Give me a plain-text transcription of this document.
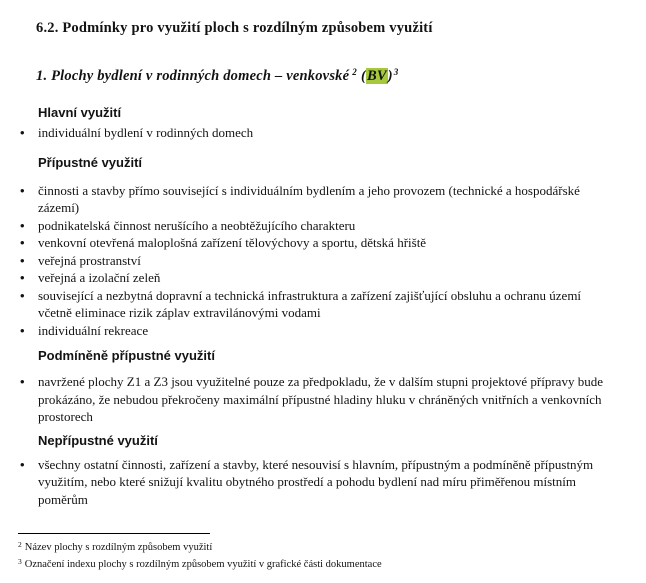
6.2. Podmínky pro využití ploch s rozdílným způsobem využití
1. Plochy bydlení v rodinných domech – venkovské $^2$ (BV)$^3$
Hlavní využití
• individuální bydlení v rodinných domech
Přípustné využití
• činnosti a stavby přímo související s individuálním bydlením a jeho provozem (technické a hospodářské zázemí)
• podnikatelská činnost nerušícího a neobtěžujícího charakteru
• venkovní otevřená maloplošná zařízení tělovýchovy a sportu, dětská hřiště
• veřejná prostranství
• veřejná a izolační zeleň
• související a nezbytná dopravní a technická infrastruktura a zařízení zajišťující obsluhu a ochranu území včetně eliminace rizik záplav extravilánovými vodami
• individuální rekreace
Podmíněně přípustné využití
• navržené plochy Z1 a Z3 jsou využitelné pouze za předpokladu, že v dalším stupni projektové přípravy bude prokázáno, že nebudou překročeny maximální přípustné hladiny hluku v chráněných vnitřních a venkovních prostorech
Nepřípustné využití
• všechny ostatní činnosti, zařízení a stavby, které nesouvisí s hlavním, přípustným a podmíněně přípustným využitím, nebo které snižují kvalitu obytného prostředí a pohodu bydlení nad míru přiměřenou místním poměrům
$^2$ Název plochy s rozdílným způsobem využití
$^3$ Označení indexu plochy s rozdílným způsobem využití v grafické části dokumentace
